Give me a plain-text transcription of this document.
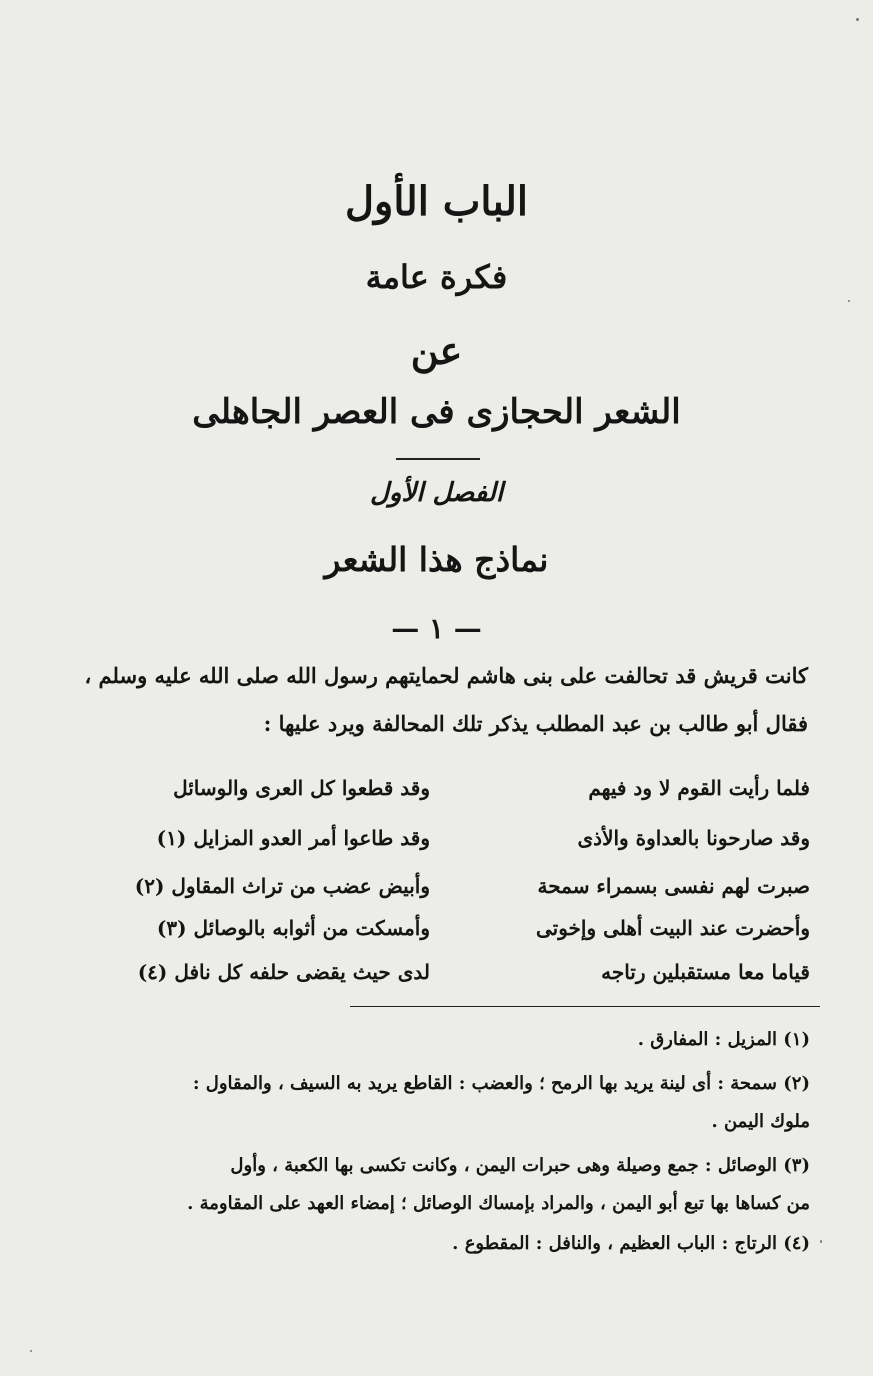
الباب الأول
فكرة عامة
عن
الشعر الحجازى فى العصر الجاهلى
الفصل الأول
نماذج هذا الشعر
— ١ —
كانت قريش قد تحالفت على بنى هاشم لحمايتهم رسول الله صلى الله عليه وسلم ،
فقال أبو طالب بن عبد المطلب يذكر تلك المحالفة ويرد عليها :
فلما رأيت القوم لا ود فيهم
وقد قطعوا كل العرى والوسائل
وقد صارحونا بالعداوة والأذى
وقد طاعوا أمر العدو المزايل (١)
صبرت لهم نفسى بسمراء سمحة
وأبيض عضب من تراث المقاول (٢)
وأحضرت عند البيت أهلى وإخوتى
وأمسكت من أثوابه بالوصائل (٣)
قياما معا مستقبلين رتاجه
لدى حيث يقضى حلفه كل نافل (٤)
(١) المزيل : المفارق .
(٢) سمحة : أى لينة يريد بها الرمح ؛ والعضب : القاطع يريد به السيف ، والمقاول :
ملوك اليمن .
(٣) الوصائل : جمع وصيلة وهى حبرات اليمن ، وكانت تكسى بها الكعبة ، وأول
من كساها بها تبع أبو اليمن ، والمراد بإمساك الوصائل ؛ إمضاء العهد على المقاومة .
(٤) الرتاج : الباب العظيم ، والنافل : المقطوع .
